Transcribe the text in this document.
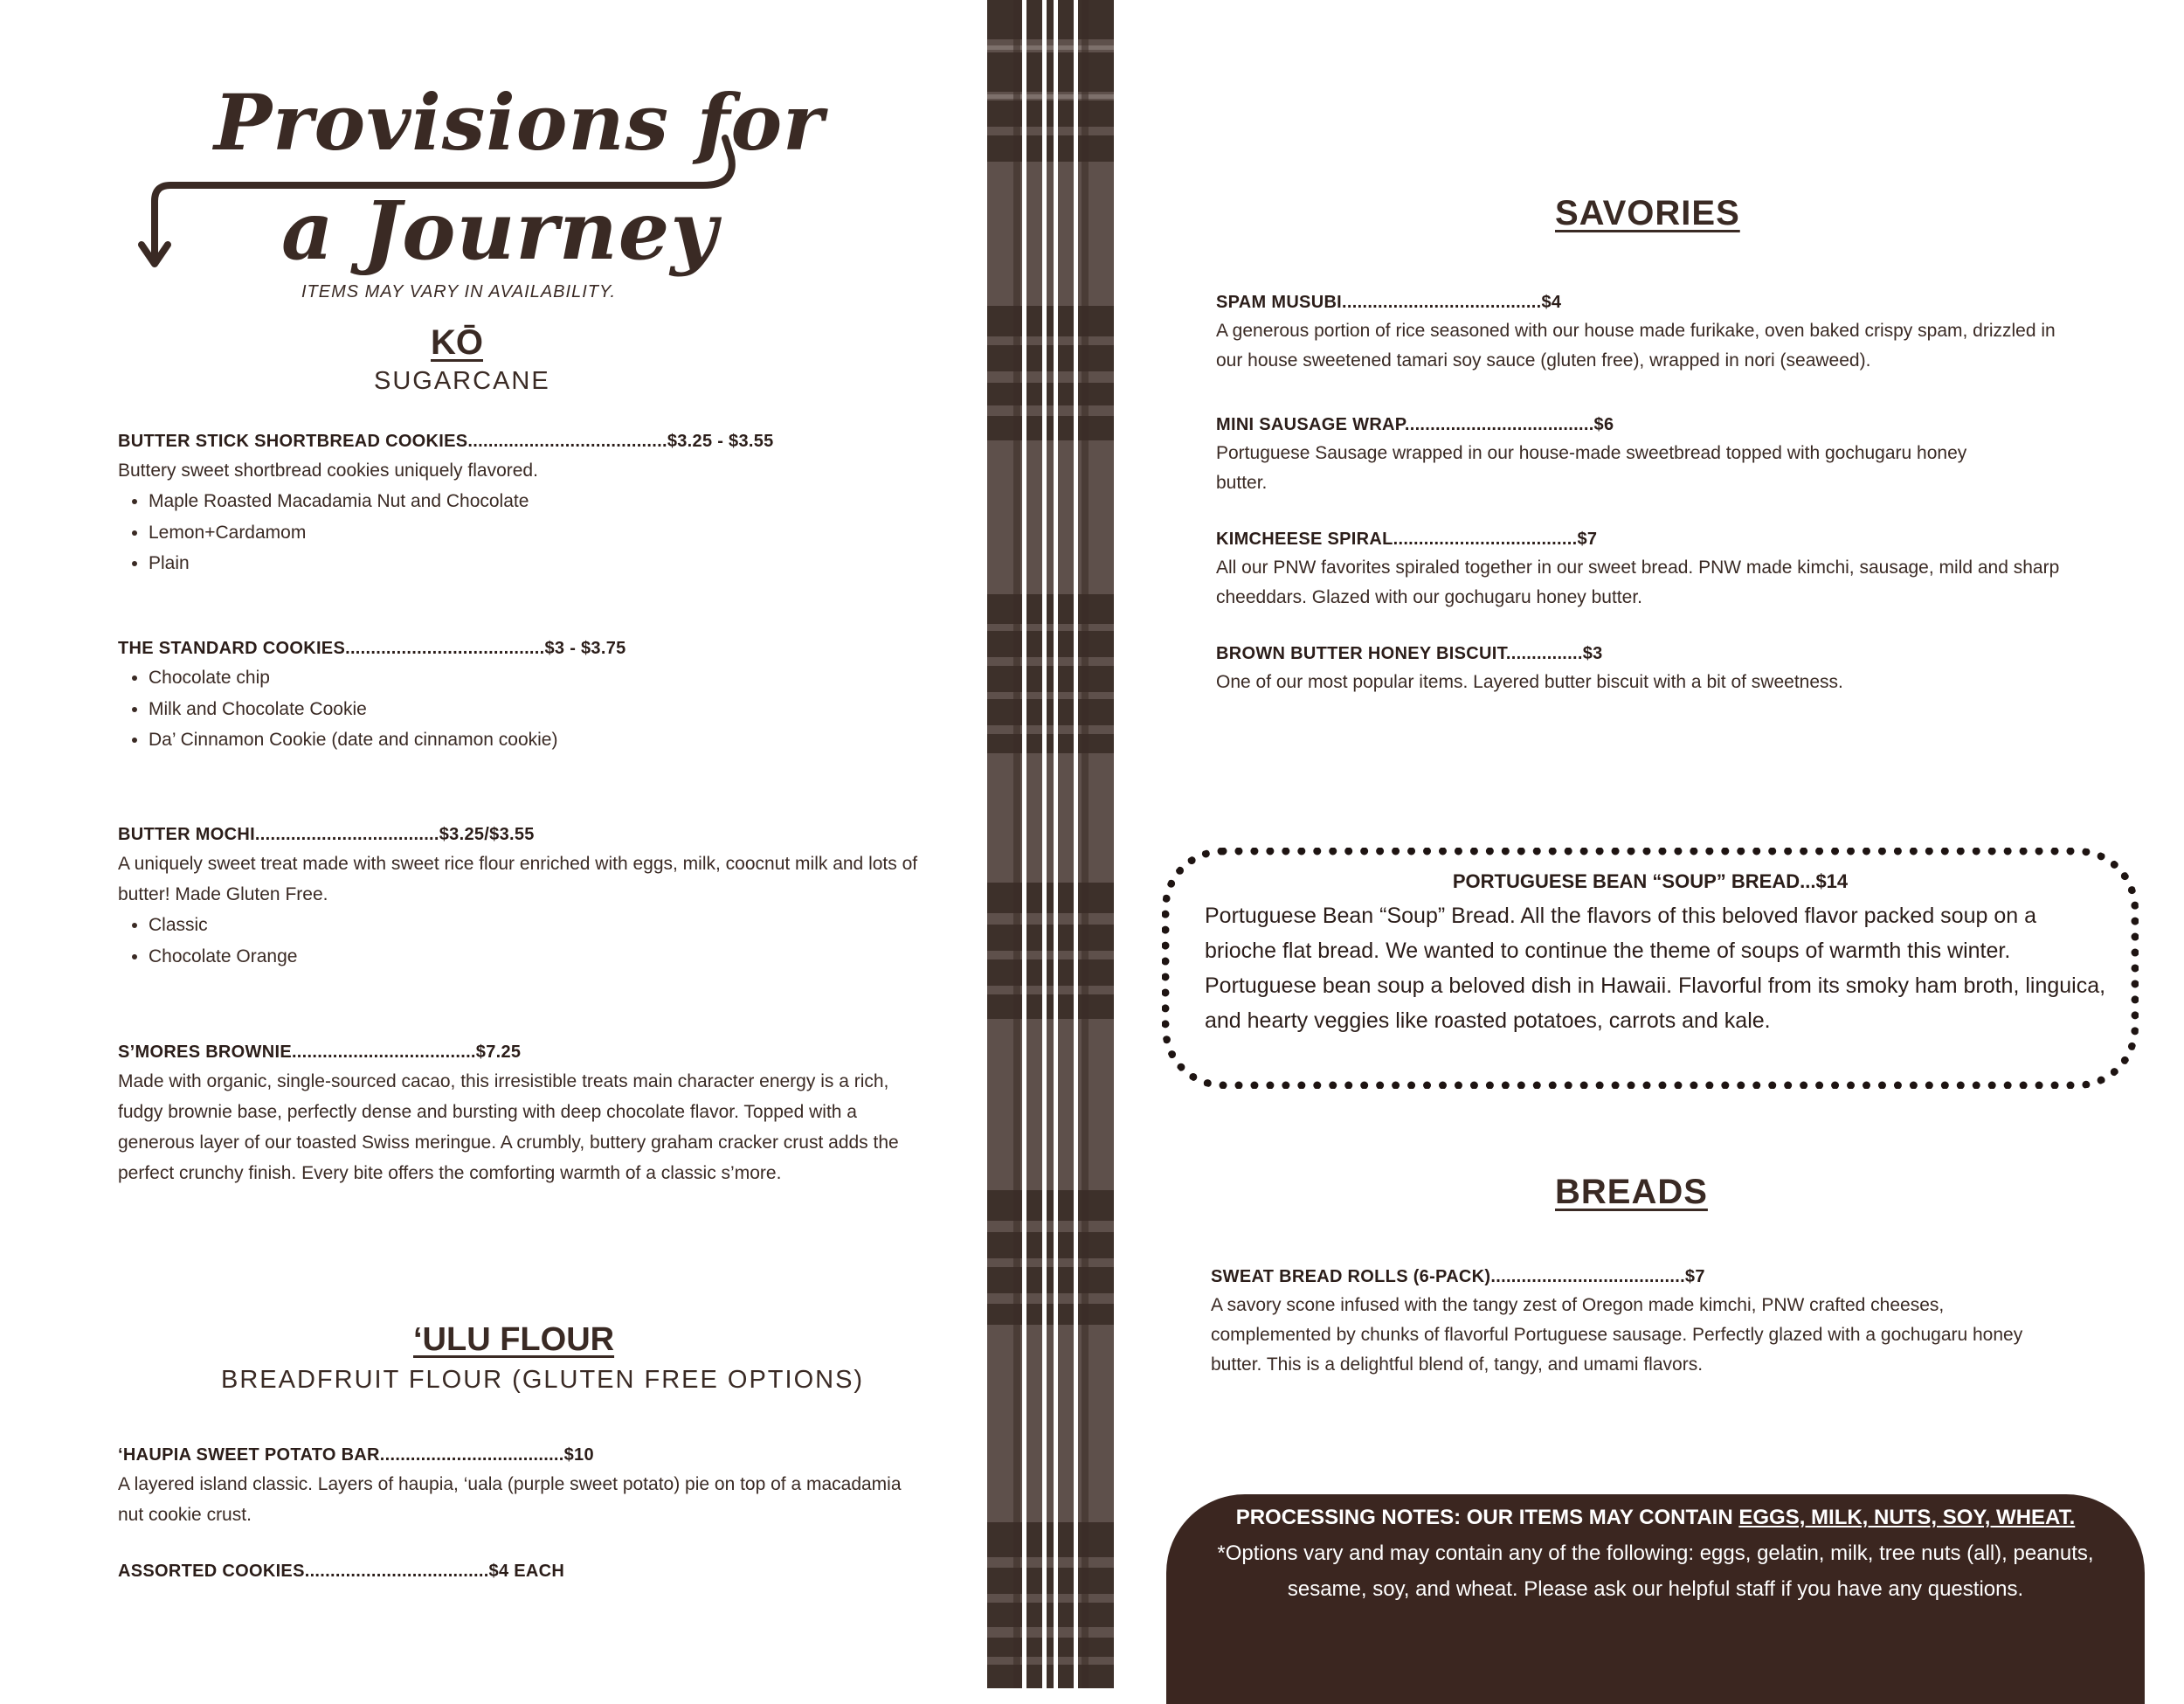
Provisions for
a Journey
ITEMS MAY VARY IN AVAILABILITY.
KŌ
SUGARCANE
BUTTER STICK SHORTBREAD COOKIES.......................................$3.25 - $3.55
Buttery sweet shortbread cookies uniquely flavored.
• Maple Roasted Macadamia Nut and Chocolate
• Lemon+Cardamom
• Plain
THE STANDARD COOKIES.......................................$3 - $3.75
• Chocolate chip
• Milk and Chocolate Cookie
• Da’ Cinnamon Cookie (date and cinnamon cookie)
BUTTER MOCHI....................................$3.25/$3.55
A uniquely sweet treat made with sweet rice flour enriched with eggs, milk, coocnut milk and lots of butter! Made Gluten Free.
• Classic
• Chocolate Orange
S’MORES BROWNIE....................................$7.25
Made with organic, single-sourced cacao, this irresistible treats main character energy is a rich, fudgy brownie base, perfectly dense and bursting with deep chocolate flavor. Topped with a generous layer of our toasted Swiss meringue. A crumbly, buttery graham cracker crust adds the perfect crunchy finish. Every bite offers the comforting warmth of a classic s’more.
‘ULU FLOUR
BREADFRUIT FLOUR (GLUTEN FREE OPTIONS)
‘HAUPIA SWEET POTATO BAR....................................$10
A layered island classic. Layers of haupia, ‘uala (purple sweet potato) pie on top of a macadamia nut cookie crust.
ASSORTED COOKIES....................................$4 EACH
SAVORIES
SPAM MUSUBI.......................................$4
A generous portion of rice seasoned with our house made furikake, oven baked crispy spam, drizzled in our house sweetened tamari soy sauce (gluten free), wrapped in nori (seaweed).
MINI SAUSAGE WRAP.....................................$6
Portuguese Sausage wrapped in our house-made sweetbread topped with gochugaru honey butter.
KIMCHEESE SPIRAL....................................$7
All our PNW favorites spiraled together in our sweet bread. PNW made kimchi, sausage, mild and sharp cheeddars. Glazed with our gochugaru honey butter.
BROWN BUTTER HONEY BISCUIT...............$3
One of our most popular items. Layered butter biscuit with a bit of sweetness.
PORTUGUESE BEAN “SOUP” BREAD...$14
Portuguese Bean “Soup” Bread. All the flavors of this beloved flavor packed soup on a brioche flat bread. We wanted to continue the theme of soups of warmth this winter. Portuguese bean soup a beloved dish in Hawaii. Flavorful from its smoky ham broth, linguica, and hearty veggies like roasted potatoes, carrots and kale.
BREADS
SWEAT BREAD ROLLS (6-PACK)......................................$7
A savory scone infused with the tangy zest of Oregon made kimchi, PNW crafted cheeses, complemented by chunks of flavorful Portuguese sausage. Perfectly glazed with a gochugaru honey butter. This is a delightful blend of, tangy, and umami flavors.
PROCESSING NOTES: OUR ITEMS MAY CONTAIN EGGS, MILK, NUTS, SOY, WHEAT.
*Options vary and may contain any of the following: eggs, gelatin, milk, tree nuts (all), peanuts, sesame, soy, and wheat. Please ask our helpful staff if you have any questions.
